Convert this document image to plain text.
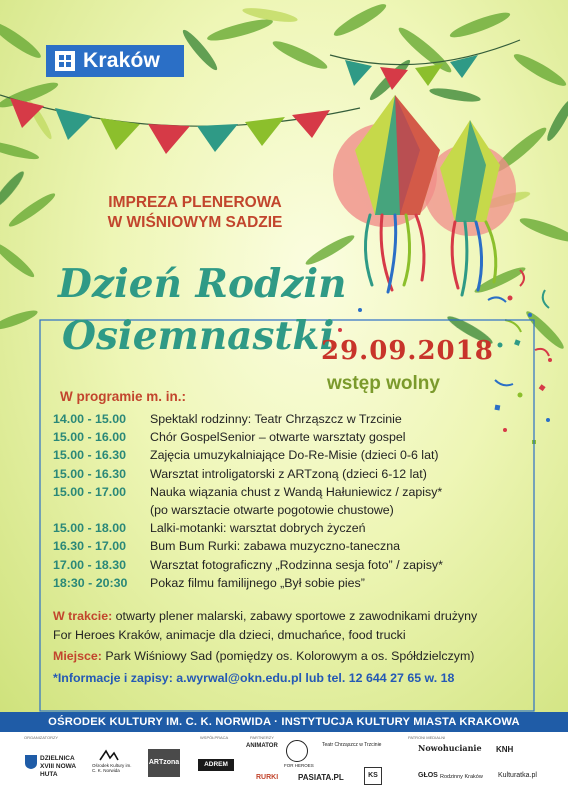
Kraków

IMPREZA PLENEROWA
W WIŚNIOWYM SADZIE

Dzień Rodzin
Osiemnastki
29.09.2018
wstęp wolny
W programie m. in.:
14.00 - 15.00	Spektakl rodzinny: Teatr Chrząszcz w Trzcinie
15.00 - 16.00	Chór GospelSenior – otwarte warsztaty gospel
15.00 - 16.30	Zajęcia umuzykalniające Do-Re-Misie (dzieci 0-6 lat)
15.00 - 16.30	Warsztat introligatorski z ARTzoną (dzieci 6-12 lat)
15.00 - 17.00	Nauka wiązania chust z Wandą Hałuniewicz / zapisy*
(po warsztacie otwarte pogotowie chustowe)
15.00 - 18.00	Lalki-motanki: warsztat dobrych życzeń
16.30 - 17.00	Bum Bum Rurki: zabawa muzyczno-taneczna
17.00 - 18.30	Warsztat fotograficzny „Rodzinna sesja foto” / zapisy*
18:30 - 20:30	Pokaz filmu familijnego „Był sobie pies”

W trakcie: otwarty plener malarski, zabawy sportowe z zawodnikami drużyny
For Heroes Kraków, animacje dla dzieci, dmuchańce, food trucki

Miejsce: Park Wiśniowy Sad (pomiędzy os. Kolorowym a os. Spółdzielczym)

*Informacje i zapisy: a.wyrwal@okn.edu.pl lub tel. 12 644 27 65 w. 18

OŚRODEK KULTURY IM. C. K. NORWIDA · INSTYTUCJA KULTURY MIASTA KRAKOWA
ORGANIZATORZY	WSPÓŁPRACA	PARTNERZY	PATRONI MEDIALNI
DZIELNICA XVIII NOWA HUTA
Ośrodek Kultury im. C. K. Norwida
ARTzona	ADREM
ANIMATOR
FOR HEROES
Teatr Chrząszcz w Trzcinie
RURKI PASIATA.PL	KS
Nowohucianie KNH
GŁOS Rodzinny Kraków Kulturatka.pl
